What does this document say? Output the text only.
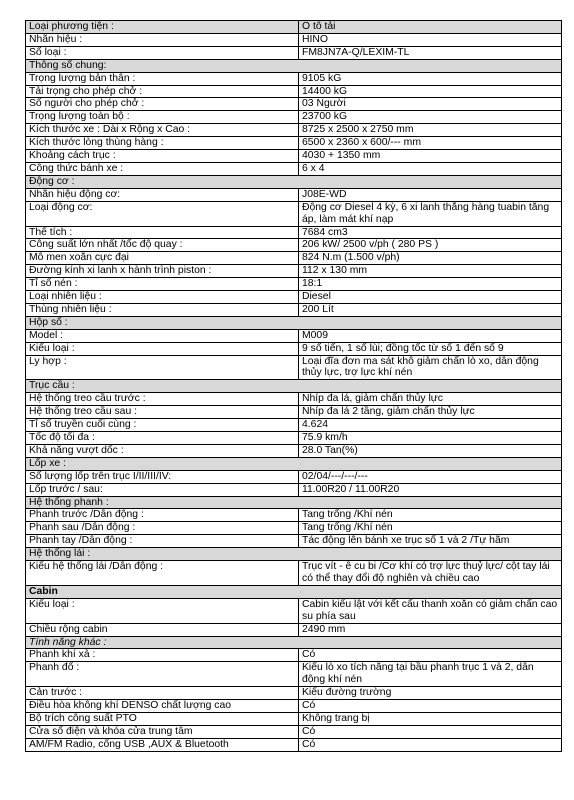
Loại phương tiện :	Ô tô tải
Nhãn hiệu :	HINO
Số loại :	FM8JN7A-Q/LEXIM-TL
Thông số chung:	
Trọng lượng bản thân :	9105 kG
Tải trọng cho phép chở :	14400 kG
Số người cho phép chở :	03 Người
Trọng lượng toàn bộ :	23700 kG
Kích thước xe : Dài x Rộng x Cao :	8725 x 2500 x 2750 mm
Kích thước lòng thùng hàng :	6500 x 2360 x 600/--- mm
Khoảng cách trục :	4030 + 1350 mm
Công thức bánh xe :	6 x 4
Động cơ :	
Nhãn hiệu động cơ:	J08E-WD
Loại động cơ:	Động cơ Diesel 4 kỳ, 6 xi lanh thẳng hàng tuabin tăng áp, làm mát khí nạp
Thể tích :	7684 cm3
Công suất lớn nhất /tốc độ quay :	206 kW/ 2500 v/ph ( 280 PS )
Mô men xoắn cực đại	824 N.m (1.500 v/ph)
Đường kính xi lanh x hành trình piston :	112 x 130 mm
Tỉ số nén :	18:1
Loại nhiên liệu :	Diesel
Thùng nhiên liệu :	200 Lít
Hộp số :	
Model :	M009
Kiểu loại :	9 số tiến, 1 số lùi; đồng tốc từ số 1 đến số 9
Ly hợp :	Loại đĩa đơn ma sát khô giảm chấn lò xo, dẫn động thủy lực, trợ lực khí nén
Trục cầu :	
Hệ thống treo cầu trước :	Nhíp đa lá, giảm chấn thủy lực
Hệ thống treo cầu sau :	Nhíp đa lá 2 tầng, giảm chấn thủy lực
Tỉ số truyền cuối cùng :	4.624
Tốc độ tối đa :	75.9 km/h
Khả năng vượt dốc :	28.0 Tan(%)
Lốp xe :	
Số lượng lốp trên trục I/II/III/IV:	02/04/---/---/---
Lốp trước / sau:	11.00R20 / 11.00R20
Hệ thống phanh :	
Phanh trước /Dẫn động :	Tang trống /Khí nén
Phanh sau /Dẫn động :	Tang trống /Khí nén
Phanh tay /Dẫn động :	Tác động lên bánh xe trục số 1 và 2 /Tự hãm
Hệ thống lái :	
Kiểu hệ thống lái /Dẫn động :	Trục vít - ê cu bi /Cơ khí có trợ lực thuỷ lực/ cột tay lái có thể thay đổi độ nghiên và chiều cao
Cabin	
Kiểu loại :	Cabin kiểu lật với kết cấu thanh xoắn có giảm chấn cao su phía sau
Chiều rộng cabin	2490 mm
Tính năng khác :	
Phanh khí xả :	Có
Phanh đổ :	Kiểu lò xo tích năng tại bầu phanh trục 1 và 2, dẫn động khí nén
Cản trước :	Kiểu đường trường
Điều hòa không khí DENSO chất lượng cao	Có
Bộ trích công suất PTO	Không trang bị
Cửa số điện và khóa cửa trung tâm	Có
AM/FM Radio, cổng USB ,AUX & Bluetooth	Có
